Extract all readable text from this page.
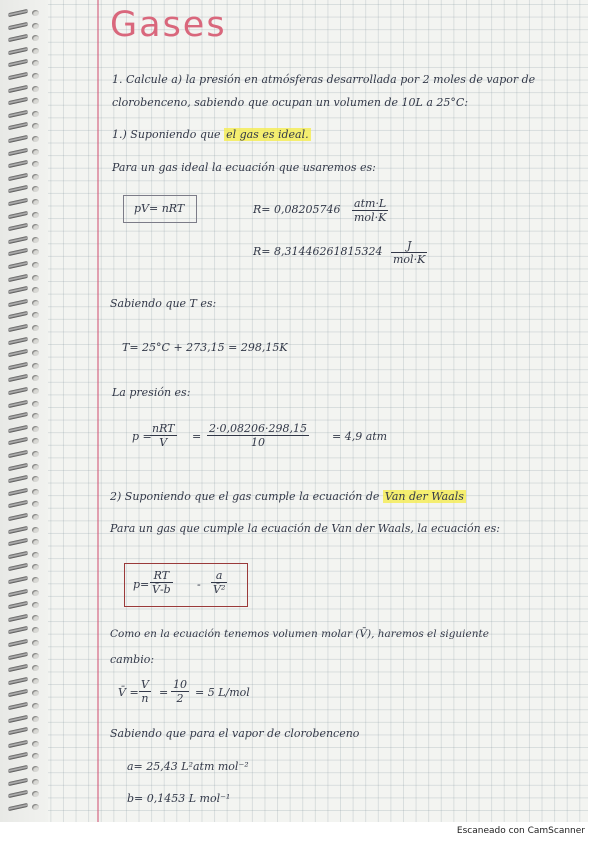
Gases
1. Calcule a) la presión en atmósferas desarrollada por 2 moles de vapor de
clorobenceno, sabiendo que ocupan un volumen de 10L a 25°C:
1.) Suponiendo que el gas es ideal.
Para un gas ideal la ecuación que usaremos es:
pV= nRT	R= 0,08205746 atm·L
mol·K
R= 8,31446261815324	J
mol·K
Sabiendo que T es:
T= 25°C + 273,15 = 298,15K
La presión es:
p =
nRT
V	= $\frac{2\cdot 0,08206\cdot 298,15}{10} = 4,9$ atm
2) Suponiendo que el gas cumple la ecuación de Van der Waals
Para un gas que cumple la ecuación de Van der Waals, la ecuación es:
$p= \frac{RT}{V̄-b} - \frac{a}{\text{V̄²}}$
Como en la ecuación tenemos volumen molar (V̄), haremos el siguiente
cambio:
V̄ = $\frac{V}{n} = \frac{10}{2} = 5$ L/mol
Sabiendo que para el vapor de clorobenceno
a= 25,43 L²atm mol⁻²
b= 0,1453 L mol⁻¹
Escaneado con CamScanner
